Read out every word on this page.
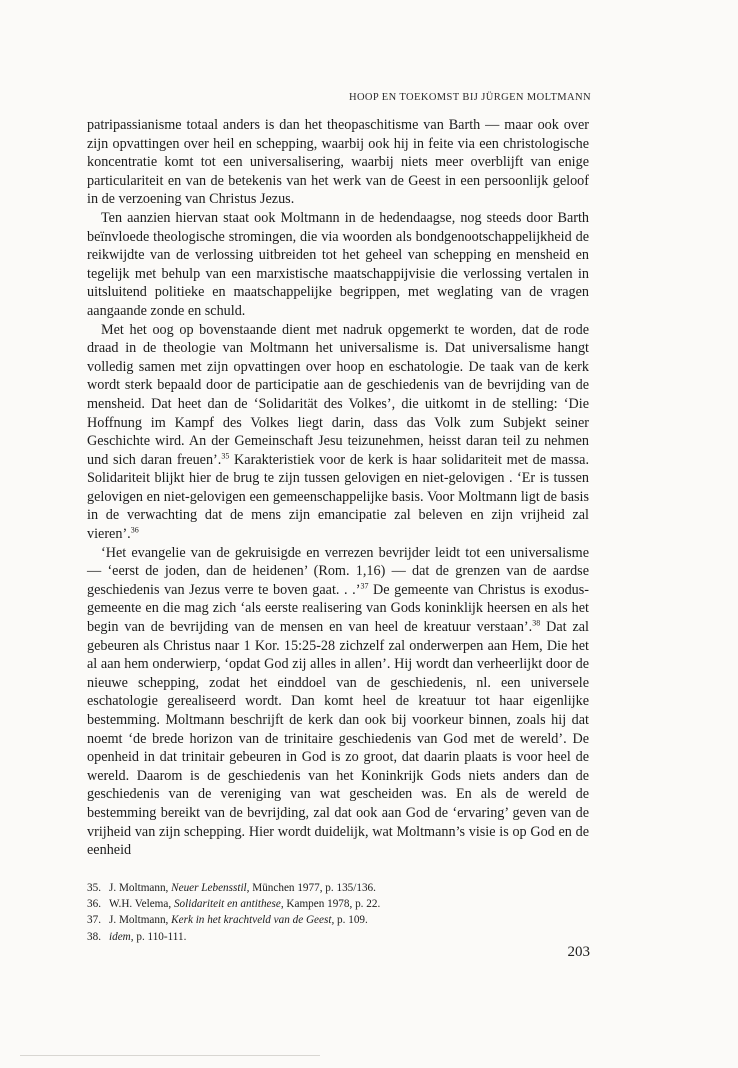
HOOP EN TOEKOMST BIJ JÜRGEN MOLTMANN

patripassianisme totaal anders is dan het theopaschitisme van Barth — maar ook over zijn opvattingen over heil en schepping, waarbij ook hij in feite via een christologische koncentratie komt tot een universalisering, waarbij niets meer overblijft van enige particulariteit en van de betekenis van het werk van de Geest in een persoonlijk geloof in de verzoening van Christus Jezus.

Ten aanzien hiervan staat ook Moltmann in de hedendaagse, nog steeds door Barth beïnvloede theologische stromingen, die via woorden als bondgenootschappelijkheid de reikwijdte van de verlossing uitbreiden tot het geheel van schepping en mensheid en tegelijk met behulp van een marxistische maatschappijvisie die verlossing vertalen in uitsluitend politieke en maatschappelijke begrippen, met weglating van de vragen aangaande zonde en schuld.

Met het oog op bovenstaande dient met nadruk opgemerkt te worden, dat de rode draad in de theologie van Moltmann het universalisme is. Dat universalisme hangt volledig samen met zijn opvattingen over hoop en eschatologie. De taak van de kerk wordt sterk bepaald door de participatie aan de geschiedenis van de bevrijding van de mensheid. Dat heet dan de ‘Solidarität des Volkes’, die uitkomt in de stelling: ‘Die Hoffnung im Kampf des Volkes liegt darin, dass das Volk zum Subjekt seiner Geschichte wird. An der Gemeinschaft Jesu teizunehmen, heisst daran teil zu nehmen und sich daran freuen’.$^{35}$ Karakteristiek voor de kerk is haar solidariteit met de massa. Solidariteit blijkt hier de brug te zijn tussen gelovigen en niet-gelovigen . ‘Er is tussen gelovigen en niet-gelovigen een gemeenschappelijke basis. Voor Moltmann ligt de basis in de verwachting dat de mens zijn emancipatie zal beleven en zijn vrijheid zal vieren’.$^{36}$

‘Het evangelie van de gekruisigde en verrezen bevrijder leidt tot een universalisme — ‘eerst de joden, dan de heidenen’ (Rom. 1,16) — dat de grenzen van de aardse geschiedenis van Jezus verre te boven gaat. . .’$^{37}$ De gemeente van Christus is exodus-gemeente en die mag zich ‘als eerste realisering van Gods koninklijk heersen en als het begin van de bevrijding van de mensen en van heel de kreatuur verstaan’.$^{38}$ Dat zal gebeuren als Christus naar 1 Kor. 15:25-28 zichzelf zal onderwerpen aan Hem, Die het al aan hem onderwierp, ‘opdat God zij alles in allen’. Hij wordt dan verheerlijkt door de nieuwe schepping, zodat het einddoel van de geschiedenis, nl. een universele eschatologie gerealiseerd wordt. Dan komt heel de kreatuur tot haar eigenlijke bestemming. Moltmann beschrijft de kerk dan ook bij voorkeur binnen, zoals hij dat noemt ‘de brede horizon van de trinitaire geschiedenis van God met de wereld’. De openheid in dat trinitair gebeuren in God is zo groot, dat daarin plaats is voor heel de wereld. Daarom is de geschiedenis van het Koninkrijk Gods niets anders dan de geschiedenis van de vereniging van wat gescheiden was. En als de wereld de bestemming bereikt van de bevrijding, zal dat ook aan God de ‘ervaring’ geven van de vrijheid van zijn schepping. Hier wordt duidelijk, wat Moltmann’s visie is op God en de eenheid

35. J. Moltmann, Neuer Lebensstil, München 1977, p. 135/136.
36. W.H. Velema, Solidariteit en antithese, Kampen 1978, p. 22.
37. J. Moltmann, Kerk in het krachtveld van de Geest, p. 109.
38. idem, p. 110-111.
203
